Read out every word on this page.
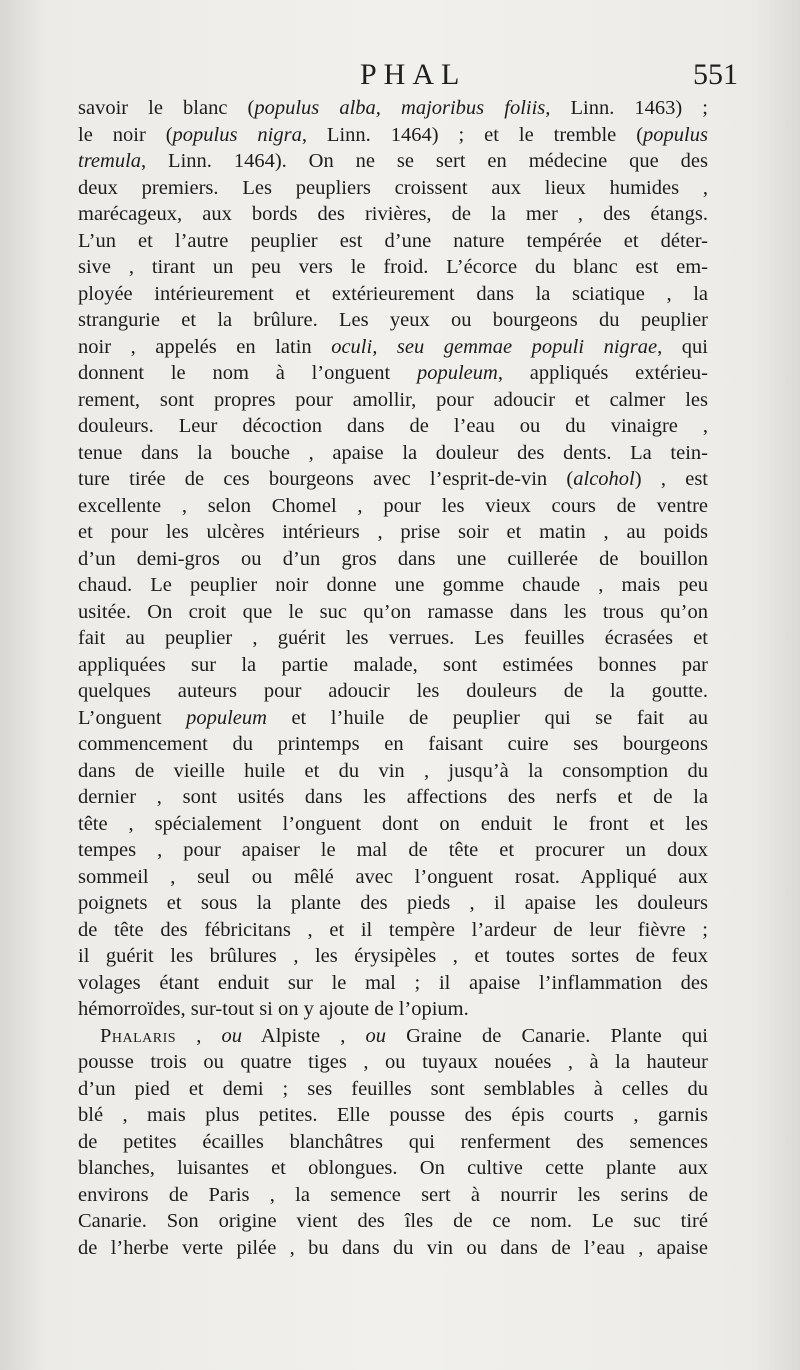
PHAL	551
savoir le blanc (populus alba, majoribus foliis, Linn. 1463) ;
le noir (populus nigra, Linn. 1464) ; et le tremble (populus
tremula, Linn. 1464). On ne se sert en médecine que des
deux premiers. Les peupliers croissent aux lieux humides ,
marécageux, aux bords des rivières, de la mer , des étangs.
L’un et l’autre peuplier est d’une nature tempérée et déter-
sive , tirant un peu vers le froid. L’écorce du blanc est em-
ployée intérieurement et extérieurement dans la sciatique , la
strangurie et la brûlure. Les yeux ou bourgeons du peuplier
noir , appelés en latin oculi, seu gemmae populi nigrae, qui
donnent le nom à l’onguent populeum, appliqués extérieu-
rement, sont propres pour amollir, pour adoucir et calmer les
douleurs. Leur décoction dans de l’eau ou du vinaigre ,
tenue dans la bouche , apaise la douleur des dents. La tein-
ture tirée de ces bourgeons avec l’esprit-de-vin (alcohol) , est
excellente , selon Chomel , pour les vieux cours de ventre
et pour les ulcères intérieurs , prise soir et matin , au poids
d’un demi-gros ou d’un gros dans une cuillerée de bouillon
chaud. Le peuplier noir donne une gomme chaude , mais peu
usitée. On croit que le suc qu’on ramasse dans les trous qu’on
fait au peuplier , guérit les verrues. Les feuilles écrasées et
appliquées sur la partie malade, sont estimées bonnes par
quelques auteurs pour adoucir les douleurs de la goutte.
L’onguent populeum et l’huile de peuplier qui se fait au
commencement du printemps en faisant cuire ses bourgeons
dans de vieille huile et du vin , jusqu’à la consomption du
dernier , sont usités dans les affections des nerfs et de la
tête , spécialement l’onguent dont on enduit le front et les
tempes , pour apaiser le mal de tête et procurer un doux
sommeil , seul ou mêlé avec l’onguent rosat. Appliqué aux
poignets et sous la plante des pieds , il apaise les douleurs
de tête des fébricitans , et il tempère l’ardeur de leur fièvre ;
il guérit les brûlures , les érysipèles , et toutes sortes de feux
volages étant enduit sur le mal ; il apaise l’inflammation des
hémorroïdes, sur-tout si on y ajoute de l’opium.
Phalaris , ou Alpiste , ou Graine de Canarie. Plante qui
pousse trois ou quatre tiges , ou tuyaux nouées , à la hauteur
d’un pied et demi ; ses feuilles sont semblables à celles du
blé , mais plus petites. Elle pousse des épis courts , garnis
de petites écailles blanchâtres qui renferment des semences
blanches, luisantes et oblongues. On cultive cette plante aux
environs de Paris , la semence sert à nourrir les serins de
Canarie. Son origine vient des îles de ce nom. Le suc tiré
de l’herbe verte pilée , bu dans du vin ou dans de l’eau , apaise
